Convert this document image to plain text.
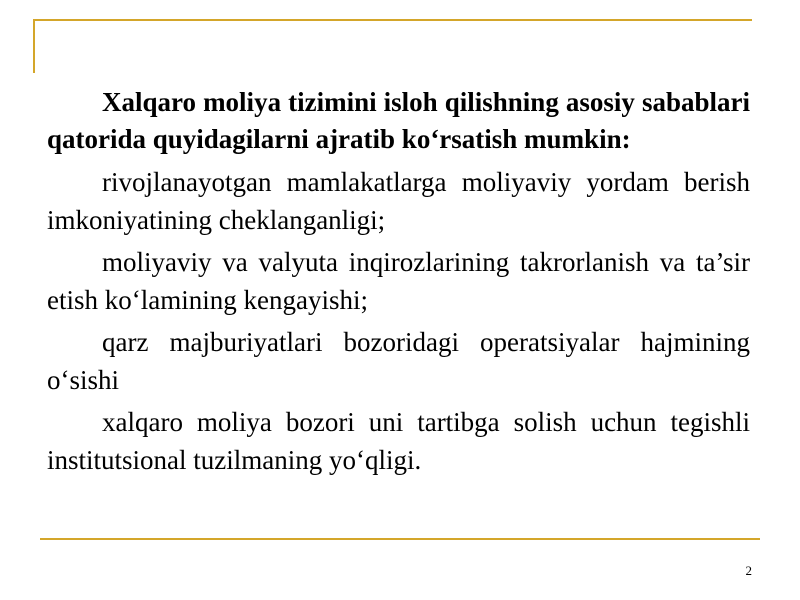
Xalqaro moliya tizimini isloh qilishning asosiy sabablari qatorida quyidagilarni ajratib ko‘rsatish mumkin:

rivojlanayotgan mamlakatlarga moliyaviy yordam berish imkoniyatining cheklanganligi;

moliyaviy va valyuta inqirozlarining takrorlanish va ta’sir etish ko‘lamining kengayishi;

qarz majburiyatlari bozoridagi operatsiyalar hajmining o‘sishi

xalqaro moliya bozori uni tartibga solish uchun tegishli institutsional tuzilmaning yo‘qligi.

2
